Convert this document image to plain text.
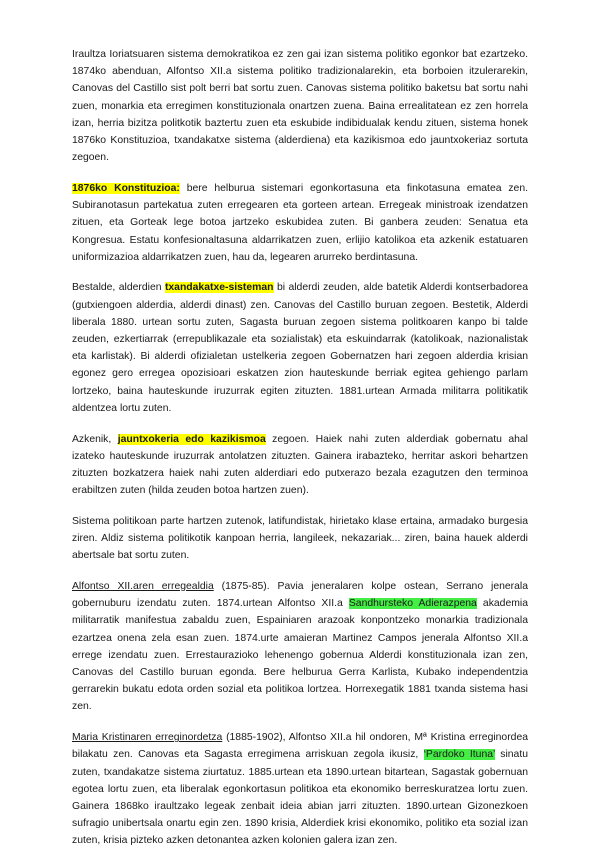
Iraultza Ioriatsuaren sistema demokratikoa ez zen gai izan sistema politiko egonkor bat ezartzeko. 1874ko abenduan, Alfontso XII.a sistema politiko tradizionalarekin, eta borboien itzulerarekin, Canovas del Castillo sist polt berri bat sortu zuen. Canovas sistema politiko baketsu bat sortu nahi zuen, monarkia eta erregimen konstituzionala onartzen zuena. Baina errealitatean ez zen horrela izan, herria bizitza politkotik baztertu zuen eta eskubide indibidualak kendu zituen, sistema honek 1876ko Konstituzioa, txandakatxe sistema (alderdiena) eta kazikismoa edo jauntxokeriaz sortuta zegoen.

1876ko Konstituzioa: bere helburua sistemari egonkortasuna eta finkotasuna ematea zen. Subiranotasun partekatua zuten erregearen eta gorteen artean. Erregeak ministroak izendatzen zituen, eta Gorteak lege botoa jartzeko eskubidea zuten. Bi ganbera zeuden: Senatua eta Kongresua. Estatu konfesionaltasuna aldarrikatzen zuen, erlijio katolikoa eta azkenik estatuaren uniformizazioa aldarrikatzen zuen, hau da, legearen arurreko berdintasuna.

Bestalde, alderdien txandakatxe-sisteman bi alderdi zeuden, alde batetik Alderdi kontserbadorea (gutxiengoen alderdia, alderdi dinast) zen. Canovas del Castillo buruan zegoen. Bestetik, Alderdi liberala 1880. urtean sortu zuten, Sagasta buruan zegoen sistema politkoaren kanpo bi talde zeuden, ezkertiarrak (errepublikazale eta sozialistak) eta eskuindarrak (katolikoak, nazionalistak eta karlistak). Bi alderdi ofizialetan ustelkeria zegoen Gobernatzen hari zegoen alderdia krisian egonez gero erregea opozisioari eskatzen zion hauteskunde berriak egitea gehiengo parlam lortzeko, baina hauteskunde iruzurrak egiten zituzten. 1881.urtean Armada militarra politikatik aldentzea lortu zuten.

Azkenik, jauntxokeria edo kazikismoa zegoen. Haiek nahi zuten alderdiak gobernatu ahal izateko hauteskunde iruzurrak antolatzen zituzten. Gainera irabazteko, herritar askori behartzen zituzten bozkatzera haiek nahi zuten alderdiari edo putxerazo bezala ezagutzen den terminoa erabiltzen zuten (hilda zeuden botoa hartzen zuen).

Sistema politikoan parte hartzen zutenok, latifundistak, hirietako klase ertaina, armadako burgesia ziren. Aldiz sistema politikotik kanpoan herria, langileek, nekazariak... ziren, baina hauek alderdi abertsale bat sortu zuten.

Alfontso XII.aren erregealdia (1875-85). Pavia jeneralaren kolpe ostean, Serrano jenerala gobernuburu izendatu zuten. 1874.urtean Alfontso XII.a Sandhursteko Adierazpena akademia militarratik manifestua zabaldu zuen, Espainiaren arazoak konpontzeko monarkia tradizionala ezartzea onena zela esan zuen. 1874.urte amaieran Martinez Campos jenerala Alfontso XII.a errege izendatu zuen. Errestaurazioko lehenengo gobernua Alderdi konstituzionala izan zen, Canovas del Castillo buruan egonda. Bere helburua Gerra Karlista, Kubako independentzia gerrarekin bukatu edota orden sozial eta politikoa lortzea. Horrexegatik 1881 txanda sistema hasi zen.

Maria Kristinaren erreginordetza (1885-1902), Alfontso XII.a hil ondoren, Mª Kristina erreginordea bilakatu zen. Canovas eta Sagasta erregimena arriskuan zegola ikusiz, ‘Pardoko Ituna’ sinatu zuten, txandakatze sistema ziurtatuz. 1885.urtean eta 1890.urtean bitartean, Sagastak gobernuan egotea lortu zuen, eta liberalak egonkortasun politikoa eta ekonomiko berreskuratzea lortu zuen. Gainera 1868ko iraultzako legeak zenbait ideia abian jarri zituzten. 1890.urtean Gizonezkoen sufragio unibertsala onartu egin zen. 1890 krisia, Alderdiek krisi ekonomiko, politiko eta sozial izan zuten, krisia pizteko azken detonantea azken kolonien galera izan zen.
